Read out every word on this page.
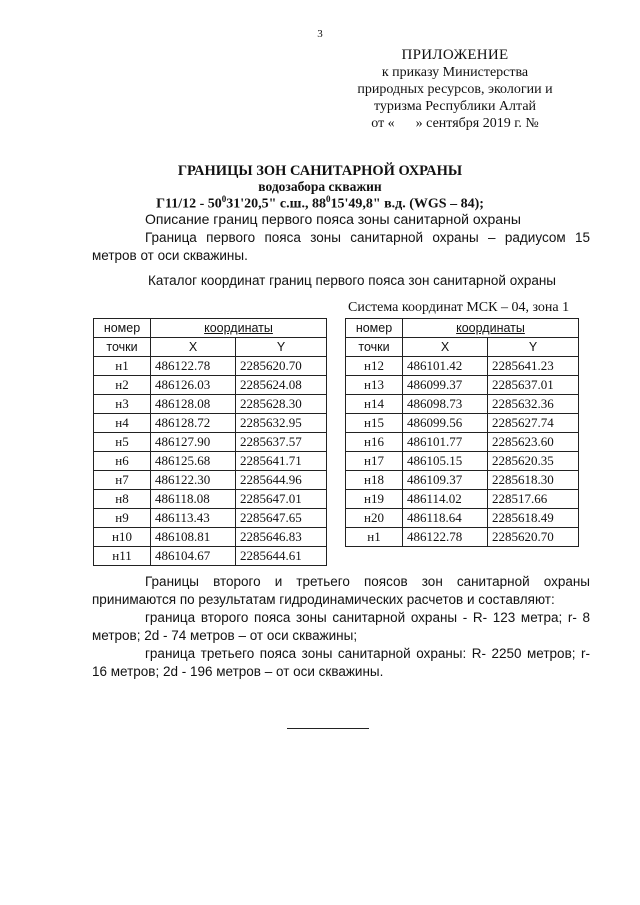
3
ПРИЛОЖЕНИЕ
к приказу Министерства
природных ресурсов, экологии и
туризма Республики Алтай
от «      » сентября 2019 г. №
ГРАНИЦЫ ЗОН САНИТАРНОЙ ОХРАНЫ
водозабора скважин
$Г11/12 - 50^031'20,5$" с.ш., $88^015'49,8$" в.д. (WGS – 84);
Описание границ первого пояса зоны санитарной охраны
Граница первого пояса зоны санитарной охраны – радиусом 15 метров от оси скважины.
Каталог координат границ первого пояса зон санитарной охраны
Система координат МСК – 04, зона 1
номер	координаты	
точки	X	Y
н1	486122.78	2285620.70
н2	486126.03	2285624.08
н3	486128.08	2285628.30
н4	486128.72	2285632.95
н5	486127.90	2285637.57
н6	486125.68	2285641.71
н7	486122.30	2285644.96
н8	486118.08	2285647.01
н9	486113.43	2285647.65
н10	486108.81	2285646.83
н11	486104.67	2285644.61
номер	координаты	
точки	X	Y
н12	486101.42	2285641.23
н13	486099.37	2285637.01
н14	486098.73	2285632.36
н15	486099.56	2285627.74
н16	486101.77	2285623.60
н17	486105.15	2285620.35
н18	486109.37	2285618.30
н19	486114.02	228517.66
н20	486118.64	2285618.49
н1	486122.78	2285620.70
Границы второго и третьего поясов зон санитарной охраны принимаются по результатам гидродинамических расчетов и составляют:
граница второго пояса зоны санитарной охраны - R- 123 метра; r- 8 метров; 2d - 74 метров – от оси скважины;
граница третьего пояса зоны санитарной охраны: R- 2250 метров; r- 16 метров; 2d - 196 метров – от оси скважины.
